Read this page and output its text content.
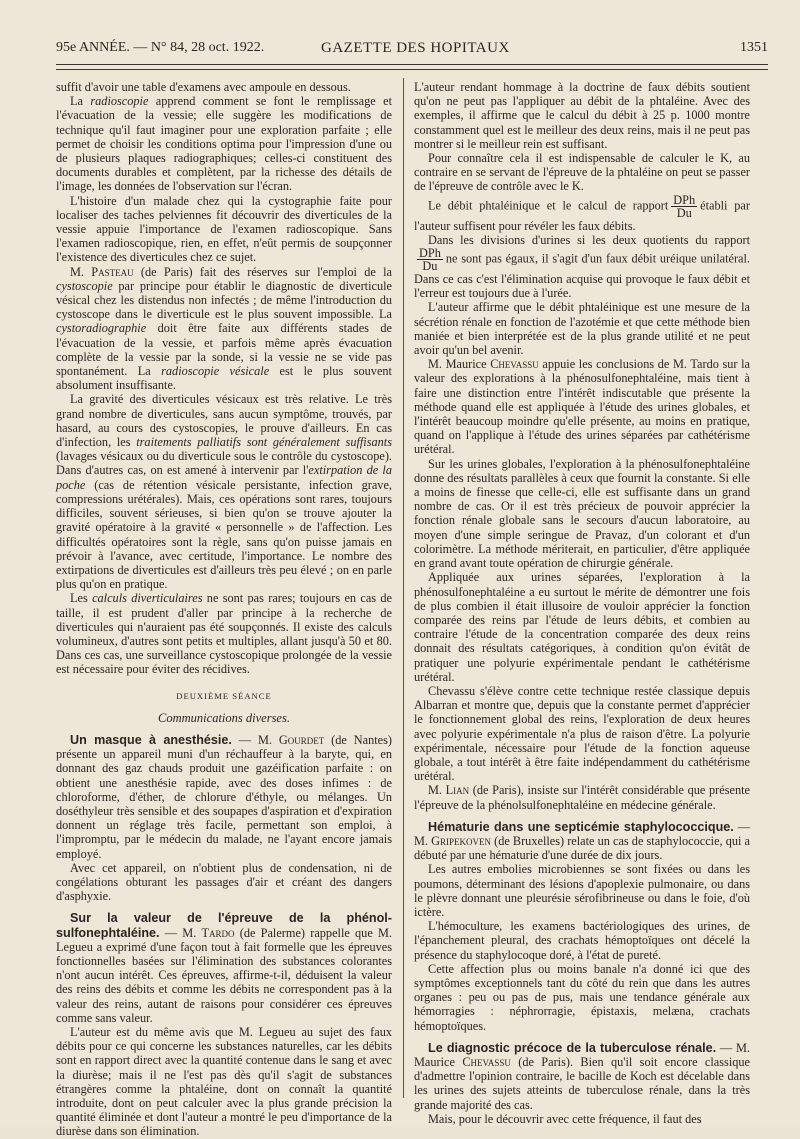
95e ANNÉE. — N° 84, 28 oct. 1922.	GAZETTE DES HOPITAUX	1351

suffit d'avoir une table d'examens avec ampoule en dessous.

La radioscopie apprend comment se font le remplissage et l'évacuation de la vessie; elle suggère les modifications de technique qu'il faut imaginer pour une exploration parfaite ; elle permet de choisir les conditions optima pour l'impression d'une ou de plusieurs plaques radiographiques; celles-ci constituent des documents durables et complètent, par la richesse des détails de l'image, les données de l'observation sur l'écran.

L'histoire d'un malade chez qui la cystographie faite pour localiser des taches pelviennes fit découvrir des diverticules de la vessie appuie l'importance de l'examen radioscopique. Sans l'examen radioscopique, rien, en effet, n'eût permis de soupçonner l'existence des diverticules chez ce sujet.

M. Pasteau (de Paris) fait des réserves sur l'emploi de la cystoscopie par principe pour établir le diagnostic de diverticule vésical chez les distendus non infectés ; de même l'introduction du cystoscope dans le diverticule est le plus souvent impossible. La cystoradiographie doit être faite aux différents stades de l'évacuation de la vessie, et parfois même après évacuation complète de la vessie par la sonde, si la vessie ne se vide pas spontanément. La radioscopie vésicale est le plus souvent absolument insuffisante.

La gravité des diverticules vésicaux est très relative. Le très grand nombre de diverticules, sans aucun symptôme, trouvés, par hasard, au cours des cystoscopies, le prouve d'ailleurs. En cas d'infection, les traitements palliatifs sont généralement suffisants (lavages vésicaux ou du diverticule sous le contrôle du cystoscope). Dans d'autres cas, on est amené à intervenir par l'extirpation de la poche (cas de rétention vésicale persistante, infection grave, compressions urétérales). Mais, ces opérations sont rares, toujours difficiles, souvent sérieuses, si bien qu'on se trouve ajouter la gravité opératoire à la gravité « personnelle » de l'affection. Les difficultés opératoires sont la règle, sans qu'on puisse jamais en prévoir à l'avance, avec certitude, l'importance. Le nombre des extirpations de diverticules est d'ailleurs très peu élevé ; on en parle plus qu'on en pratique.

Les calculs diverticulaires ne sont pas rares; toujours en cas de taille, il est prudent d'aller par principe à la recherche de diverticules qui n'auraient pas été soupçonnés. Il existe des calculs volumineux, d'autres sont petits et multiples, allant jusqu'à 50 et 80. Dans ces cas, une surveillance cystoscopique prolongée de la vessie est nécessaire pour éviter des récidives.

DEUXIÈME SÉANCE

Communications diverses.

Un masque à anesthésie. — M. Gourdet (de Nantes) présente un appareil muni d'un réchauffeur à la baryte, qui, en donnant des gaz chauds produit une gazéification parfaite : on obtient une anesthésie rapide, avec des doses infimes : de chloroforme, d'éther, de chlorure d'éthyle, ou mélanges. Un doséthyleur très sensible et des soupapes d'aspiration et d'expiration donnent un réglage très facile, permettant son emploi, à l'impromptu, par le médecin du malade, ne l'ayant encore jamais employé.

Avec cet appareil, on n'obtient plus de condensation, ni de congélations obturant les passages d'air et créant des dangers d'asphyxie.

Sur la valeur de l'épreuve de la phénol-sulfonephtaléine. — M. Tardo (de Palerme) rappelle que M. Legueu a exprimé d'une façon tout à fait formelle que les épreuves fonctionnelles basées sur l'élimination des substances colorantes n'ont aucun intérêt. Ces épreuves, affirme-t-il, déduisent la valeur des reins des débits et comme les débits ne correspondent pas à la valeur des reins, autant de raisons pour considérer ces épreuves comme sans valeur.

L'auteur est du même avis que M. Legueu au sujet des faux débits pour ce qui concerne les substances naturelles, car les débits sont en rapport direct avec la quantité contenue dans le sang et avec la diurèse; mais il ne l'est pas dès qu'il s'agit de substances étrangères comme la phtaléine, dont on connaît la quantité introduite, dont on peut calculer avec la plus grande précision la quantité éliminée et dont l'auteur a montré le peu d'importance de la diurèse dans son élimination.

L'auteur rendant hommage à la doctrine de faux débits soutient qu'on ne peut pas l'appliquer au débit de la phtaléine. Avec des exemples, il affirme que le calcul du débit à 25 p. 1000 montre constamment quel est le meilleur des deux reins, mais il ne peut pas montrer si le meilleur rein est suffisant.

Pour connaître cela il est indispensable de calculer le K, au contraire en se servant de l'épreuve de la phtaléine on peut se passer de l'épreuve de contrôle avec le K.

Le débit phtaléinique et le calcul de rapport $\frac{\text{DPh}}{Du}$ établi par l'auteur suffisent pour révéler les faux débits.

Dans les divisions d'urines si les deux quotients du rapport
$\frac{\text{DPh}}{Du}$ ne sont pas égaux, il s'agit d'un faux débit uréique unilatéral. Dans ce cas c'est l'élimination acquise qui provoque le faux débit et l'erreur est toujours due à l'urée.

L'auteur affirme que le débit phtaléinique est une mesure de la sécrétion rénale en fonction de l'azotémie et que cette méthode bien maniée et bien interprétée est de la plus grande utilité et ne peut avoir qu'un bel avenir.

M. Maurice Chevassu appuie les conclusions de M. Tardo sur la valeur des explorations à la phénosulfonephtaléine, mais tient à faire une distinction entre l'intérêt indiscutable que présente la méthode quand elle est appliquée à l'étude des urines globales, et l'intérêt beaucoup moindre qu'elle présente, au moins en pratique, quand on l'applique à l'étude des urines séparées par cathétérisme urétéral.

Sur les urines globales, l'exploration à la phénosulfonephtaléine donne des résultats parallèles à ceux que fournit la constante. Si elle a moins de finesse que celle-ci, elle est suffisante dans un grand nombre de cas. Or il est très précieux de pouvoir apprécier la fonction rénale globale sans le secours d'aucun laboratoire, au moyen d'une simple seringue de Pravaz, d'un colorant et d'un colorimètre. La méthode mériterait, en particulier, d'être appliquée en grand avant toute opération de chirurgie générale.

Appliquée aux urines séparées, l'exploration à la phénosulfonephtaléine a eu surtout le mérite de démontrer une fois de plus combien il était illusoire de vouloir apprécier la fonction comparée des reins par l'étude de leurs débits, et combien au contraire l'étude de la concentration comparée des deux reins donnait des résultats catégoriques, à condition qu'on évitât de pratiquer une polyurie expérimentale pendant le cathétérisme urétéral.

Chevassu s'élève contre cette technique restée classique depuis Albarran et montre que, depuis que la constante permet d'apprécier le fonctionnement global des reins, l'exploration de deux heures avec polyurie expérimentale n'a plus de raison d'être. La polyurie expérimentale, nécessaire pour l'étude de la fonction aqueuse globale, a tout intérêt à être faite indépendamment du cathétérisme urétéral.

M. Lian (de Paris), insiste sur l'intérêt considérable que présente l'épreuve de la phénolsulfonephtaléine en médecine générale.

Hématurie dans une septicémie staphylococcique. — M. Gripekoven (de Bruxelles) relate un cas de staphylococcie, qui a débuté par une hématurie d'une durée de dix jours.

Les autres embolies microbiennes se sont fixées ou dans les poumons, déterminant des lésions d'apoplexie pulmonaire, ou dans le plèvre donnant une pleurésie sérofibrineuse ou dans le foie, d'où ictère.

L'hémoculture, les examens bactériologiques des urines, de l'épanchement pleural, des crachats hémoptoïques ont décelé la présence du staphylocoque doré, à l'état de pureté.

Cette affection plus ou moins banale n'a donné ici que des symptômes exceptionnels tant du côté du rein que dans les autres organes : peu ou pas de pus, mais une tendance générale aux hémorragies : néphrorragie, épistaxis, melæna, crachats hémoptoïques.

Le diagnostic précoce de la tuberculose rénale. — M. Maurice Chevassu (de Paris). Bien qu'il soit encore classique d'admettre l'opinion contraire, le bacille de Koch est décelable dans les urines des sujets atteints de tuberculose rénale, dans la très grande majorité des cas.

Mais, pour le découvrir avec cette fréquence, il faut des
